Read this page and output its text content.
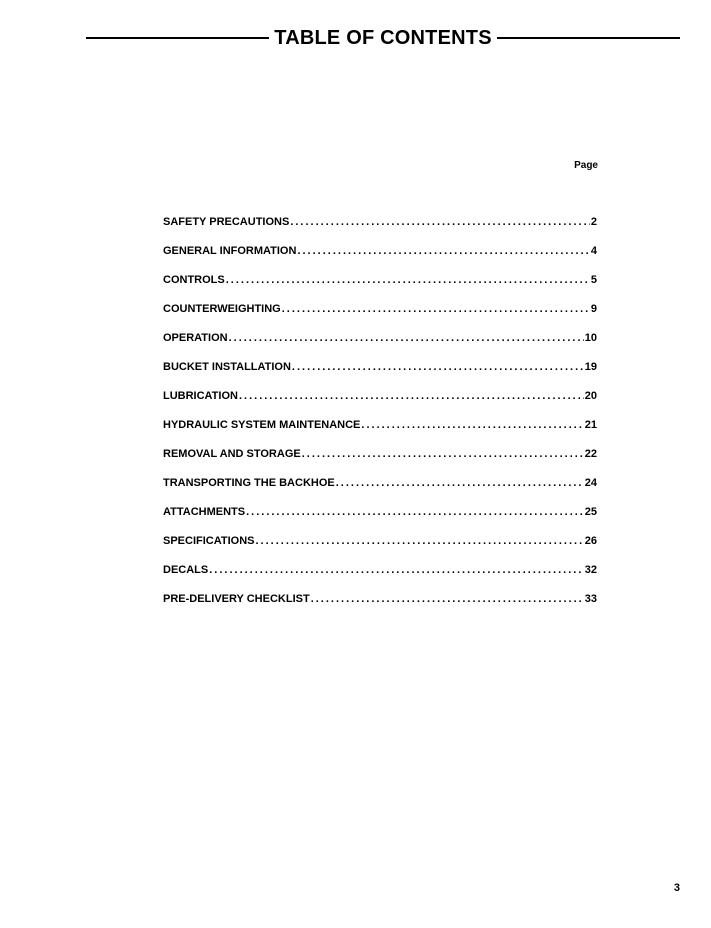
TABLE OF CONTENTS
Page
SAFETY PRECAUTIONS .....	2
GENERAL INFORMATION .....	4
CONTROLS .....	5
COUNTERWEIGHTING .....	9
OPERATION .....	10
BUCKET INSTALLATION .....	19
LUBRICATION .....	20
HYDRAULIC SYSTEM MAINTENANCE .....	21
REMOVAL AND STORAGE .....	22
TRANSPORTING THE BACKHOE .....	24
ATTACHMENTS .....	25
SPECIFICATIONS .....	26
DECALS .....	32
PRE-DELIVERY CHECKLIST .....	33
3
